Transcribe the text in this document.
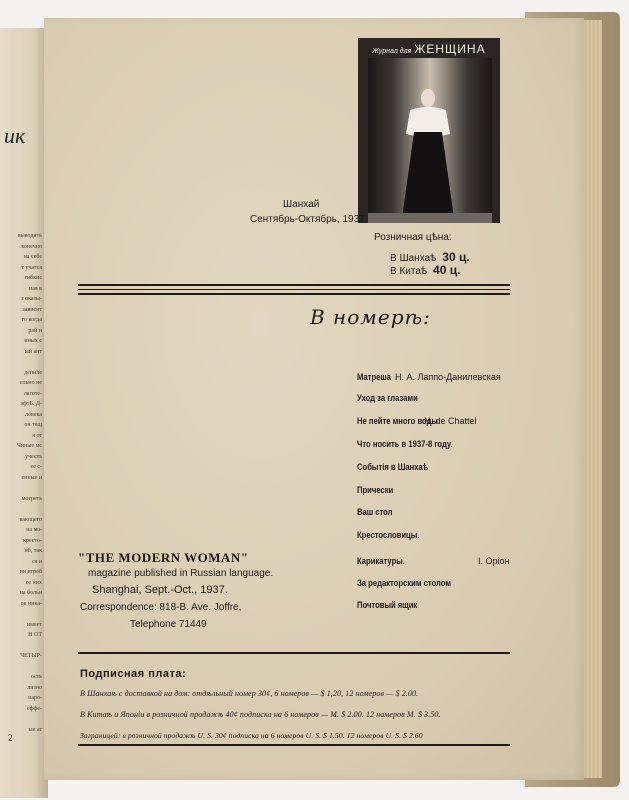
ик
выводить
конечно
на себе
т учатся
гибкие
ная в
з оказы-
зависит
го когда
рай и
иных с
ый ант
депиле
ельно не
лаготе-
эфтБ. Д-
ловека
он тещ
я от
Чиные мс
учесть
ее с-
енные и
мотреть
вающего
на ма-
кресто-
нб, так
ся и
ии втроб
ее них
на больи
ок ника-
имеет
Н ОТ
ЧЕТЫР-
ость
лизно
наро-
еффе-
ые ат
2
Журнал для ЖЕНЩИНА
Шанхай
Сентябрь-Октябрь, 1937
Розничная цѣна:
В Шанхаѣ 30 ц.
В Китаѣ 40 ц.
В номерѣ:
Матреша Н. А. Лаппо-Данилевская
Уход за глазами
Не пейте много воды
N. de Chattel
Что носить в 1937-8 году.
Событiя в Шанхаѣ
Прически
Ваш стол
Крестословицы.
Карикатуры.	I. Орiон
За редакторским столом
Почтовый ящик
"THE MODERN WOMAN"
magazine published in Russian language.
Shanghai, Sept.-Oct., 1937.
Correspondence: 818-B. Ave. Joffre,
Telephone 71449
Подписная плата:
В Шанхаѣ с доставкой на дом: отдѣльный номер 30¢, 6 номеров — $ 1,20, 12 номеров — $ 2.00.
В Китаѣ и Японiи в розничной продажѣ 40¢ подписка на 6 номеров — M. $ 2.00. 12 номеров M. $ 3.50.
Заграницей: в розничной продажѣ U. S. 30¢ подписка на 6 номеров U. S. $ 1.50. 12 номеров U. S. $ 2.60
